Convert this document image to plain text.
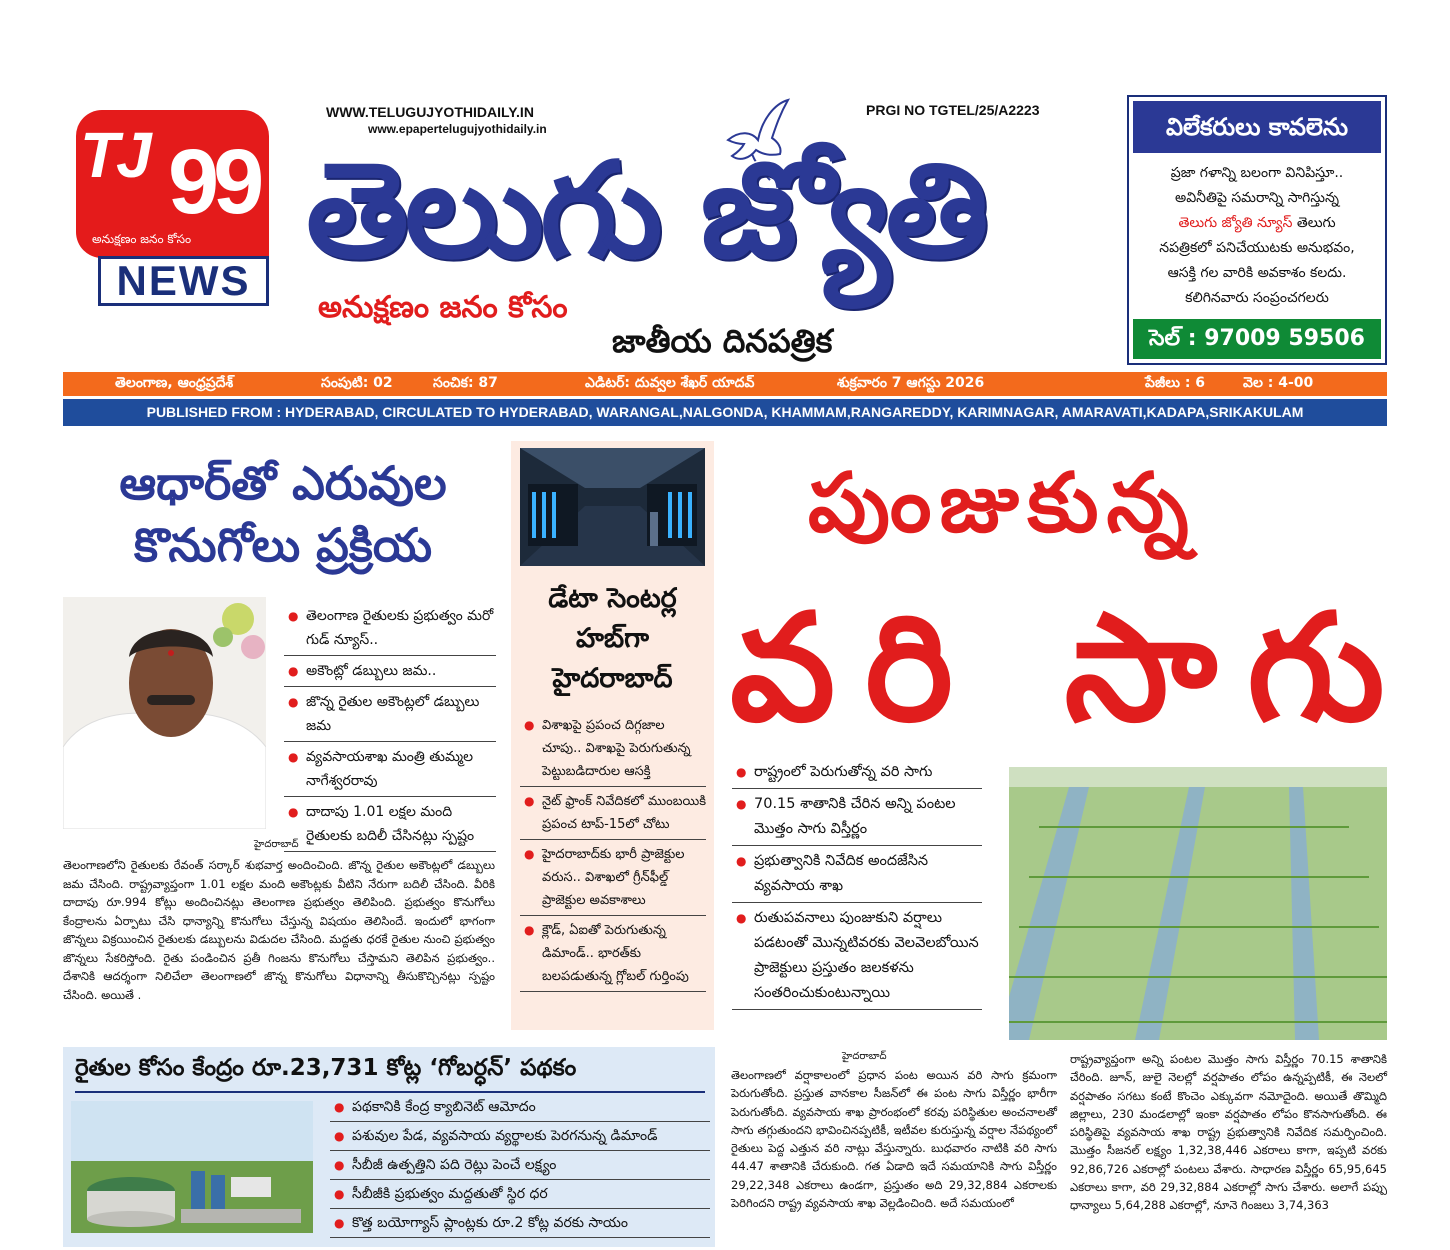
TJ 99
అనుక్షణం జనం కోసం
NEWS
WWW.TELUGUJYOTHIDAILY.IN
www.epapertelugujyothidaily.in
PRGI NO TGTEL/25/A2223
తెలుగు జ్యోతి
అనుక్షణం జనం కోసం
జాతీయ దినపత్రిక
విలేకరులు కావలెను
ప్రజా గళాన్ని బలంగా వినిపిస్తూ..
అవినీతిపై సమరాన్ని సాగిస్తున్న
తెలుగు జ్యోతి న్యూస్ తెలుగు
నపత్రికలో పనిచేయుటకు అనుభవం,
ఆసక్తి గల వారికి అవకాశం కలదు.
కలిగినవారు సంప్రంచగలరు
సెల్ : 97009 59506
తెలంగాణ, ఆంధ్రప్రదేశ్	సంపుటి: 02	సంచిక: 87	ఎడిటర్: దువ్వల శేఖర్ యాదవ్	శుక్రవారం 7 ఆగస్టు 2026	పేజీలు : 6	వెల : 4-00
PUBLISHED FROM : HYDERABAD, CIRCULATED TO HYDERABAD, WARANGAL,NALGONDA, KHAMMAM,RANGAREDDY, KARIMNAGAR, AMARAVATI,KADAPA,SRIKAKULAM
ఆధార్‌తో ఎరువుల
కొనుగోలు ప్రక్రియ
● తెలంగాణ రైతులకు ప్రభుత్వం మరో గుడ్ న్యూస్..
● అకౌంట్లో డబ్బులు జమ..
● జొన్న రైతుల అకౌంట్లలో డబ్బులు జమ
● వ్యవసాయశాఖ మంత్రి తుమ్మల నాగేశ్వరరావు
● దాదాపు 1.01 లక్షల మంది రైతులకు బదిలీ చేసినట్లు స్పష్టం
హైదరాబాద్
తెలంగాణలోని రైతులకు రేవంత్ సర్కార్ శుభవార్త అందించింది. జొన్న రైతుల అకౌంట్లలో డబ్బులు జమ చేసింది. రాష్ట్రవ్యాప్తంగా 1.01 లక్షల మంది అకౌంట్లకు వీటిని నేరుగా బదిలీ చేసింది. వీరికి దాదాపు రూ.994 కోట్లు అందించినట్లు తెలంగాణ ప్రభుత్వం తెలిపింది. ప్రభుత్వం కొనుగోలు కేంద్రాలను ఏర్పాటు చేసి ధాన్యాన్ని కొనుగోలు చేస్తున్న విషయం తెలిసిందే. ఇందులో భాగంగా జొన్నలు విక్రయించిన రైతులకు డబ్బులను విడుదల చేసింది. మద్దతు ధరకే రైతుల నుంచి ప్రభుత్వం జొన్నలు సేకరిస్తోంది. రైతు పండించిన ప్రతీ గింజను కొనుగోలు చేస్తామని తెలిపిన ప్రభుత్వం.. దేశానికి ఆదర్శంగా నిలిచేలా తెలంగాణలో జొన్న కొనుగోలు విధానాన్ని తీసుకొచ్చినట్లు స్పష్టం చేసింది. అయితే .
డేటా సెంటర్ల
హబ్‌గా
హైదరాబాద్
● విశాఖపై ప్రపంచ దిగ్గజాల చూపు.. విశాఖపై పెరుగుతున్న పెట్టుబడిదారుల ఆసక్తి
● నైట్ ఫ్రాంక్ నివేదికలో ముంబయికి ప్రపంచ టాప్-15లో చోటు
● హైదరాబాద్‌కు భారీ ప్రాజెక్టుల వరుస.. విశాఖలో గ్రీన్‌ఫీల్డ్ ప్రాజెక్టుల అవకాశాలు
● క్లౌడ్, ఏఐతో పెరుగుతున్న డిమాండ్.. భారత్‌కు బలపడుతున్న గ్లోబల్ గుర్తింపు
పుంజుకున్న
వరి సాగు
● రాష్ట్రంలో పెరుగుతోన్న వరి సాగు
● 70.15 శాతానికి చేరిన అన్ని పంటల మొత్తం సాగు విస్తీర్ణం
● ప్రభుత్వానికి నివేదిక అందజేసిన వ్యవసాయ శాఖ
● రుతుపవనాలు పుంజుకుని వర్షాలు పడటంతో మొన్నటివరకు వెలవెలబోయిన ప్రాజెక్టులు ప్రస్తుతం జలకళను సంతరించుకుంటున్నాయి
హైదరాబాద్
తెలంగాణలో వర్షాకాలంలో ప్రధాన పంట అయిన వరి సాగు క్రమంగా పెరుగుతోంది. ప్రస్తుత వానకాల సీజన్‌లో ఈ పంట సాగు విస్తీర్ణం భారీగా పెరుగుతోంది. వ్యవసాయ శాఖ ప్రారంభంలో కరవు పరిస్థితుల అంచనాలతో సాగు తగ్గుతుందని భావించినప్పటికీ, ఇటీవల కురుస్తున్న వర్షాల నేపథ్యంలో రైతులు పెద్ద ఎత్తున వరి నాట్లు వేస్తున్నారు. బుధవారం నాటికి వరి సాగు 44.47 శాతానికి చేరుకుంది. గత ఏడాది ఇదే సమయానికి సాగు విస్తీర్ణం 29,22,348 ఎకరాలు ఉండగా, ప్రస్తుతం అది 29,32,884 ఎకరాలకు పెరిగిందని రాష్ట్ర వ్యవసాయ శాఖ వెల్లడించింది. అదే సమయంలో
రాష్ట్రవ్యాప్తంగా అన్ని పంటల మొత్తం సాగు విస్తీర్ణం 70.15 శాతానికి చేరింది. జూన్, జులై నెలల్లో వర్షపాతం లోపం ఉన్నప్పటికీ, ఈ నెలలో వర్షపాతం సగటు కంటే కొంచెం ఎక్కువగా నమోదైంది. అయితే తొమ్మిది జిల్లాలు, 230 మండలాల్లో ఇంకా వర్షపాతం లోపం కొనసాగుతోంది. ఈ పరిస్థితిపై వ్యవసాయ శాఖ రాష్ట్ర ప్రభుత్వానికి నివేదిక సమర్పించింది. మొత్తం సీజనల్ లక్ష్యం 1,32,38,446 ఎకరాలు కాగా, ఇప్పటి వరకు 92,86,726 ఎకరాల్లో పంటలు వేశారు. సాధారణ విస్తీర్ణం 65,95,645 ఎకరాలు కాగా, వరి 29,32,884 ఎకరాల్లో సాగు చేశారు. అలాగే పప్పు ధాన్యాలు 5,64,288 ఎకరాల్లో, నూనె గింజలు 3,74,363
రైతుల కోసం కేంద్రం రూ.23,731 కోట్ల ‘గోబర్ధన్’ పథకం
● పథకానికి కేంద్ర క్యాబినెట్ ఆమోదం
● పశువుల పేడ, వ్యవసాయ వ్యర్థాలకు పెరగనున్న డిమాండ్
● సీబీజీ ఉత్పత్తిని పది రెట్లు పెంచే లక్ష్యం
● సీబీజీకి ప్రభుత్వం మద్దతుతో స్థిర ధర
● కొత్త బయోగ్యాస్ ప్లాంట్లకు రూ.2 కోట్ల వరకు సాయం
